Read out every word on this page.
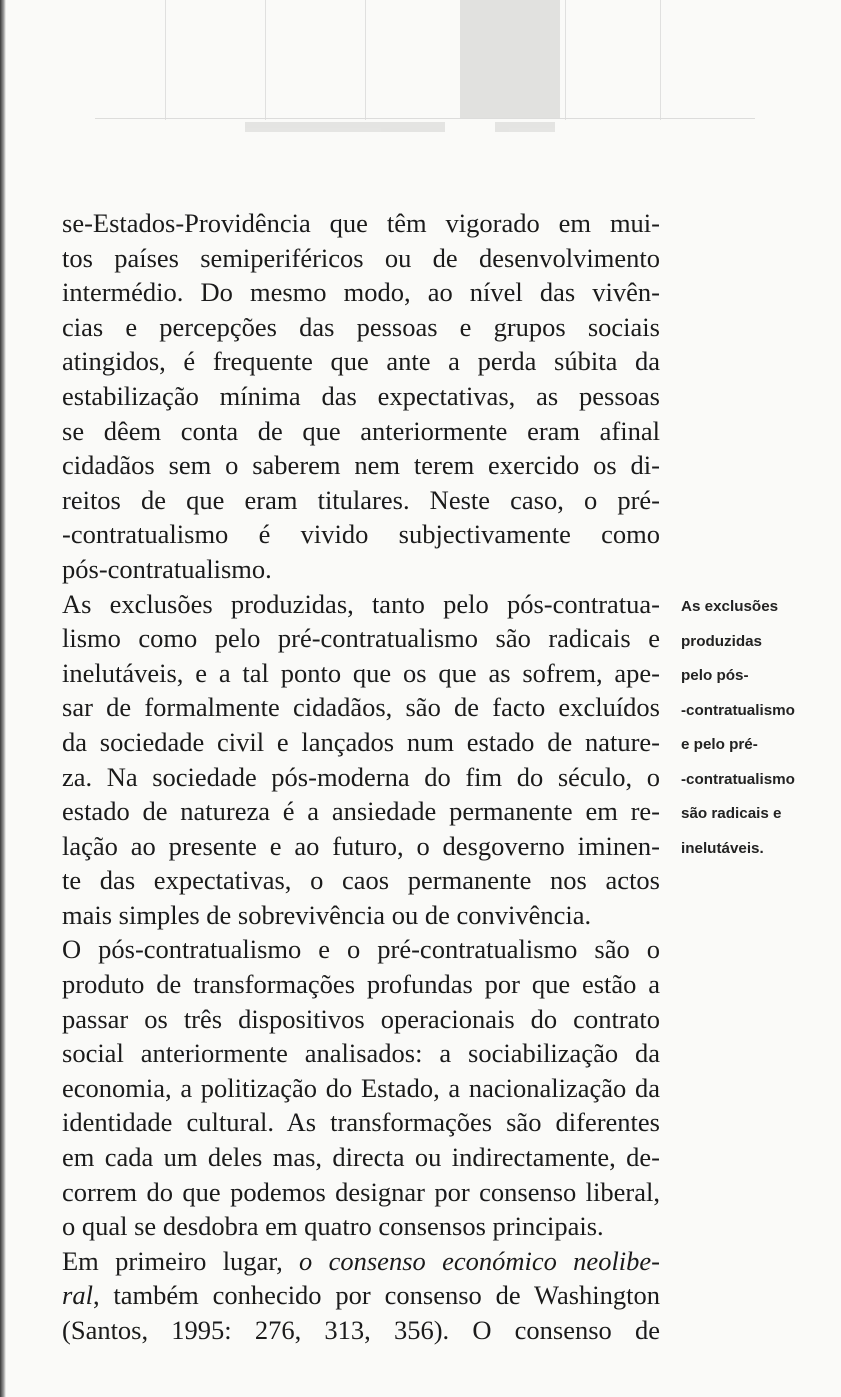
se-Estados-Providência que têm vigorado em mui-
tos países semiperiféricos ou de desenvolvimento
intermédio. Do mesmo modo, ao nível das vivên-
cias e percepções das pessoas e grupos sociais
atingidos, é frequente que ante a perda súbita da
estabilização mínima das expectativas, as pessoas
se dêem conta de que anteriormente eram afinal
cidadãos sem o saberem nem terem exercido os di-
reitos de que eram titulares. Neste caso, o pré-
-contratualismo é vivido subjectivamente como
pós-contratualismo.
As exclusões produzidas, tanto pelo pós-contratua-
lismo como pelo pré-contratualismo são radicais e
inelutáveis, e a tal ponto que os que as sofrem, ape-
sar de formalmente cidadãos, são de facto excluídos
da sociedade civil e lançados num estado de nature-
za. Na sociedade pós-moderna do fim do século, o
estado de natureza é a ansiedade permanente em re-
lação ao presente e ao futuro, o desgoverno iminen-
te das expectativas, o caos permanente nos actos
mais simples de sobrevivência ou de convivência.
O pós-contratualismo e o pré-contratualismo são o
produto de transformações profundas por que estão a
passar os três dispositivos operacionais do contrato
social anteriormente analisados: a sociabilização da
economia, a politização do Estado, a nacionalização da
identidade cultural. As transformações são diferentes
em cada um deles mas, directa ou indirectamente, de-
correm do que podemos designar por consenso liberal,
o qual se desdobra em quatro consensos principais.
Em primeiro lugar, o consenso económico neolibe-
ral, também conhecido por consenso de Washington
(Santos, 1995: 276, 313, 356). O consenso de
As exclusões
produzidas
pelo pós-
-contratualismo
e pelo pré-
-contratualismo
são radicais e
inelutáveis.
